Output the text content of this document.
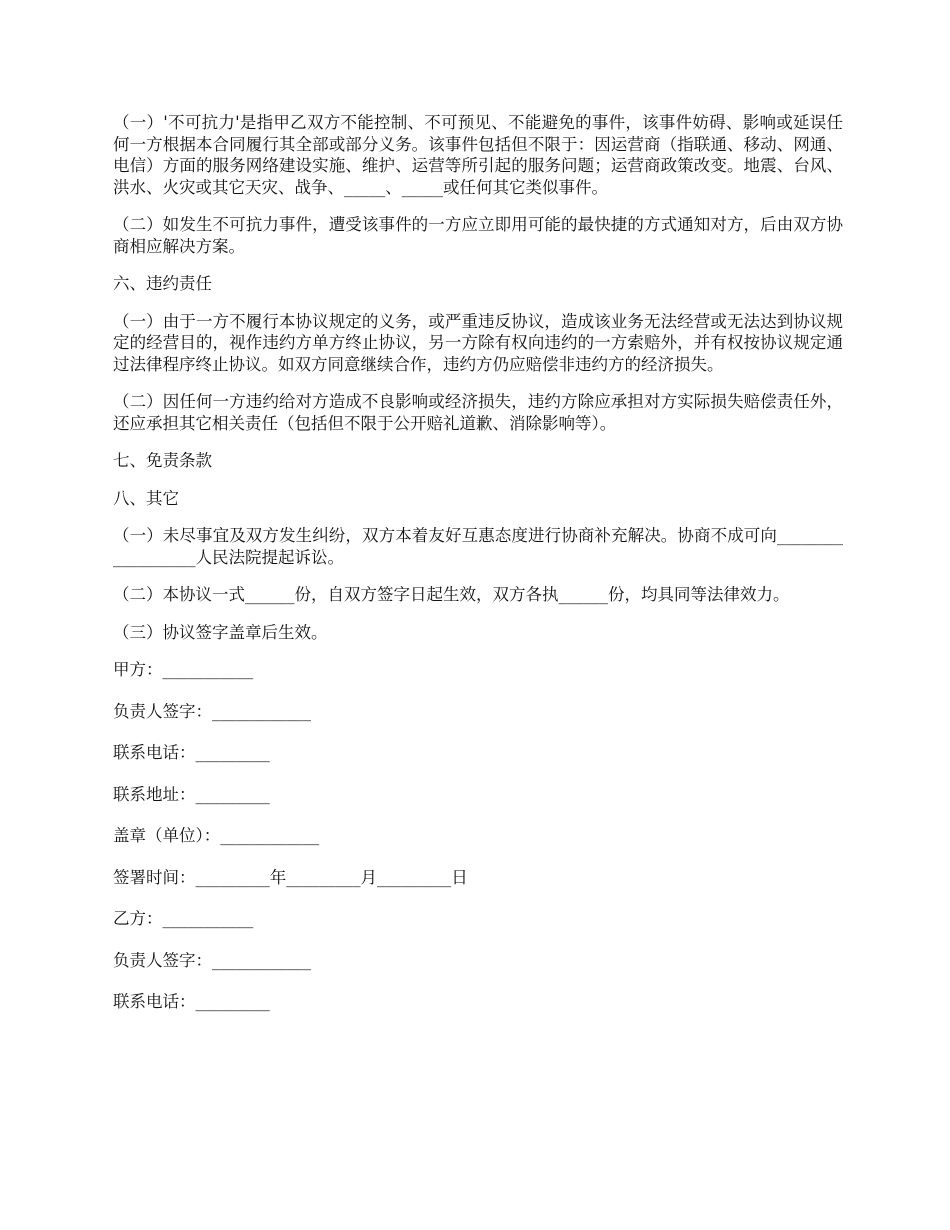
（一）'不可抗力'是指甲乙双方不能控制、不可预见、不能避免的事件，该事件妨碍、影响或延误任何一方根据本合同履行其全部或部分义务。该事件包括但不限于：因运营商（指联通、移动、网通、电信）方面的服务网络建设实施、维护、运营等所引起的服务问题；运营商政策改变。地震、台风、洪水、火灾或其它天灾、战争、_____、_____或任何其它类似事件。

（二）如发生不可抗力事件，遭受该事件的一方应立即用可能的最快捷的方式通知对方，后由双方协商相应解决方案。

六、违约责任

（一）由于一方不履行本协议规定的义务，或严重违反协议，造成该业务无法经营或无法达到协议规定的经营目的，视作违约方单方终止协议，另一方除有权向违约的一方索赔外，并有权按协议规定通过法律程序终止协议。如双方同意继续合作，违约方仍应赔偿非违约方的经济损失。

（二）因任何一方违约给对方造成不良影响或经济损失，违约方除应承担对方实际损失赔偿责任外，还应承担其它相关责任（包括但不限于公开赔礼道歉、消除影响等）。

七、免责条款

八、其它

（一）未尽事宜及双方发生纠纷，双方本着友好互惠态度进行协商补充解决。协商不成可向__________________人民法院提起诉讼。

（二）本协议一式______份，自双方签字日起生效，双方各执______份，均具同等法律效力。

（三）协议签字盖章后生效。

甲方：___________

负责人签字：____________

联系电话：_________

联系地址：_________

盖章（单位）：____________

签署时间：_________年_________月_________日

乙方：___________

负责人签字：____________

联系电话：_________
